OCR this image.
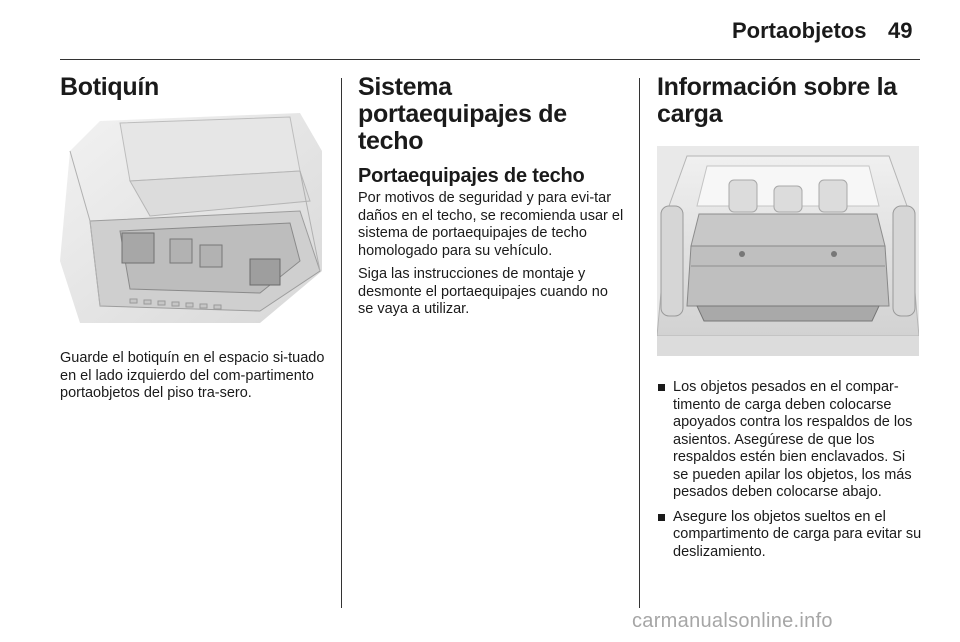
Portaobjetos 49
Botiquín

Guarde el botiquín en el espacio si-tuado en el lado izquierdo del com-partimento portaobjetos del piso tra-sero.

Sistema portaequipajes de techo
Portaequipajes de techo

Por motivos de seguridad y para evi-tar daños en el techo, se recomienda usar el sistema de portaequipajes de techo homologado para su vehículo.

Siga las instrucciones de montaje y desmonte el portaequipajes cuando no se vaya a utilizar.

Información sobre la carga
Los objetos pesados en el compar-timento de carga deben colocarse apoyados contra los respaldos de los asientos. Asegúrese de que los respaldos estén bien enclavados. Si se pueden apilar los objetos, los más pesados deben colocarse abajo.
Asegure los objetos sueltos en el compartimento de carga para evitar su deslizamiento.
carmanualsonline.info
